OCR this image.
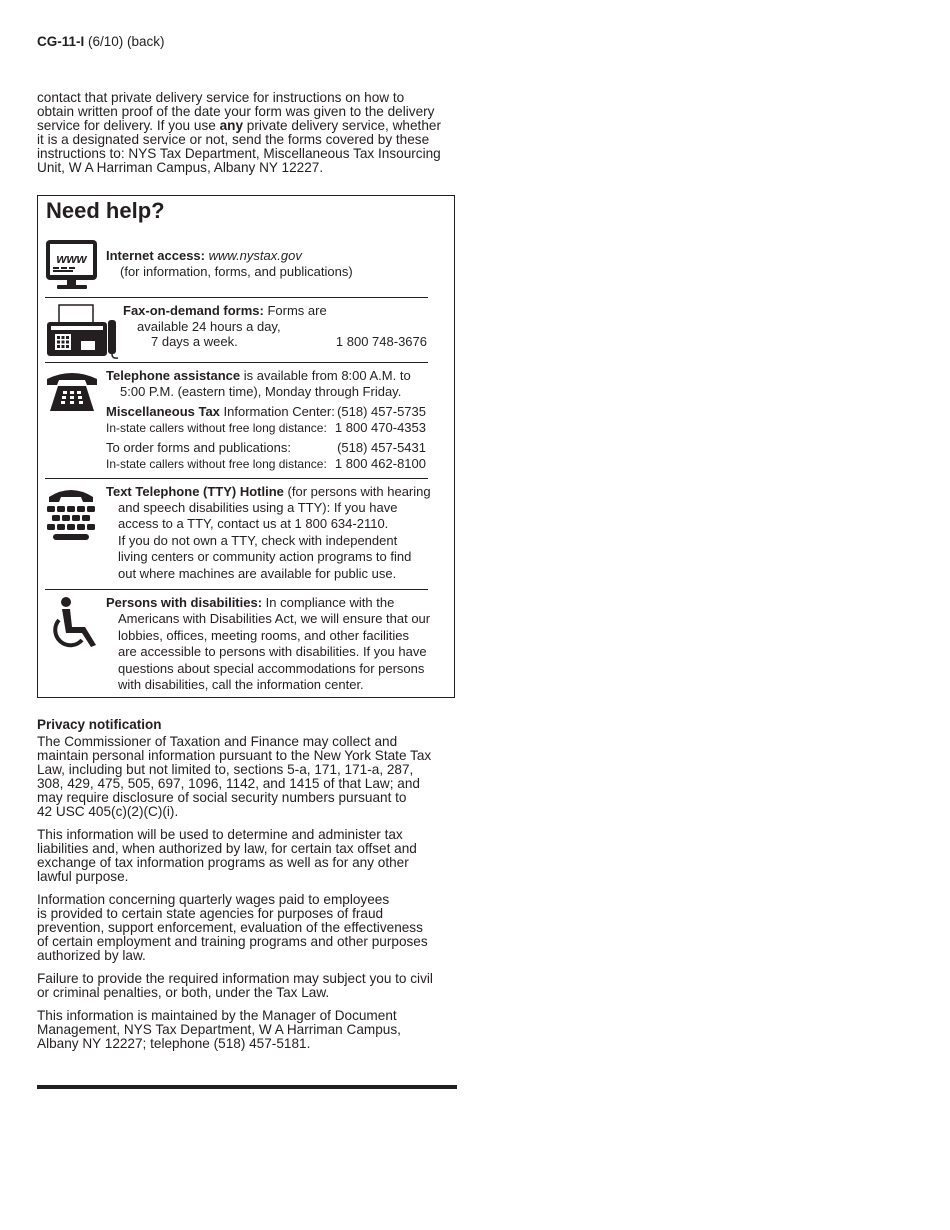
CG-11-I (6/10) (back)
contact that private delivery service for instructions on how to
obtain written proof of the date your form was given to the delivery
service for delivery. If you use any private delivery service, whether
it is a designated service or not, send the forms covered by these
instructions to: NYS Tax Department, Miscellaneous Tax Insourcing
Unit, W A Harriman Campus, Albany NY 12227.
Need help?
www Internet access: www.nystax.gov
(for information, forms, and publications)
Fax-on-demand forms: Forms are
available 24 hours a day,
7 days a week.	1 800 748-3676
Telephone assistance is available from 8:00 A.M. to
5:00 P.M. (eastern time), Monday through Friday.
Miscellaneous Tax Information Center: (518) 457-5735
In-state callers without free long distance: 1 800 470-4353
To order forms and publications:	(518) 457-5431
In-state callers without free long distance: 1 800 462-8100
Text Telephone (TTY) Hotline (for persons with hearing
and speech disabilities using a TTY): If you have
access to a TTY, contact us at 1 800 634-2110.
If you do not own a TTY, check with independent
living centers or community action programs to find
out where machines are available for public use.
Persons with disabilities: In compliance with the
Americans with Disabilities Act, we will ensure that our
lobbies, offices, meeting rooms, and other facilities
are accessible to persons with disabilities. If you have
questions about special accommodations for persons
with disabilities, call the information center.
Privacy notification
The Commissioner of Taxation and Finance may collect and
maintain personal information pursuant to the New York State Tax
Law, including but not limited to, sections 5-a, 171, 171-a, 287,
308, 429, 475, 505, 697, 1096, 1142, and 1415 of that Law; and
may require disclosure of social security numbers pursuant to
42 USC 405(c)(2)(C)(i).
This information will be used to determine and administer tax
liabilities and, when authorized by law, for certain tax offset and
exchange of tax information programs as well as for any other
lawful purpose.
Information concerning quarterly wages paid to employees
is provided to certain state agencies for purposes of fraud
prevention, support enforcement, evaluation of the effectiveness
of certain employment and training programs and other purposes
authorized by law.
Failure to provide the required information may subject you to civil
or criminal penalties, or both, under the Tax Law.
This information is maintained by the Manager of Document
Management, NYS Tax Department, W A Harriman Campus,
Albany NY 12227; telephone (518) 457-5181.
